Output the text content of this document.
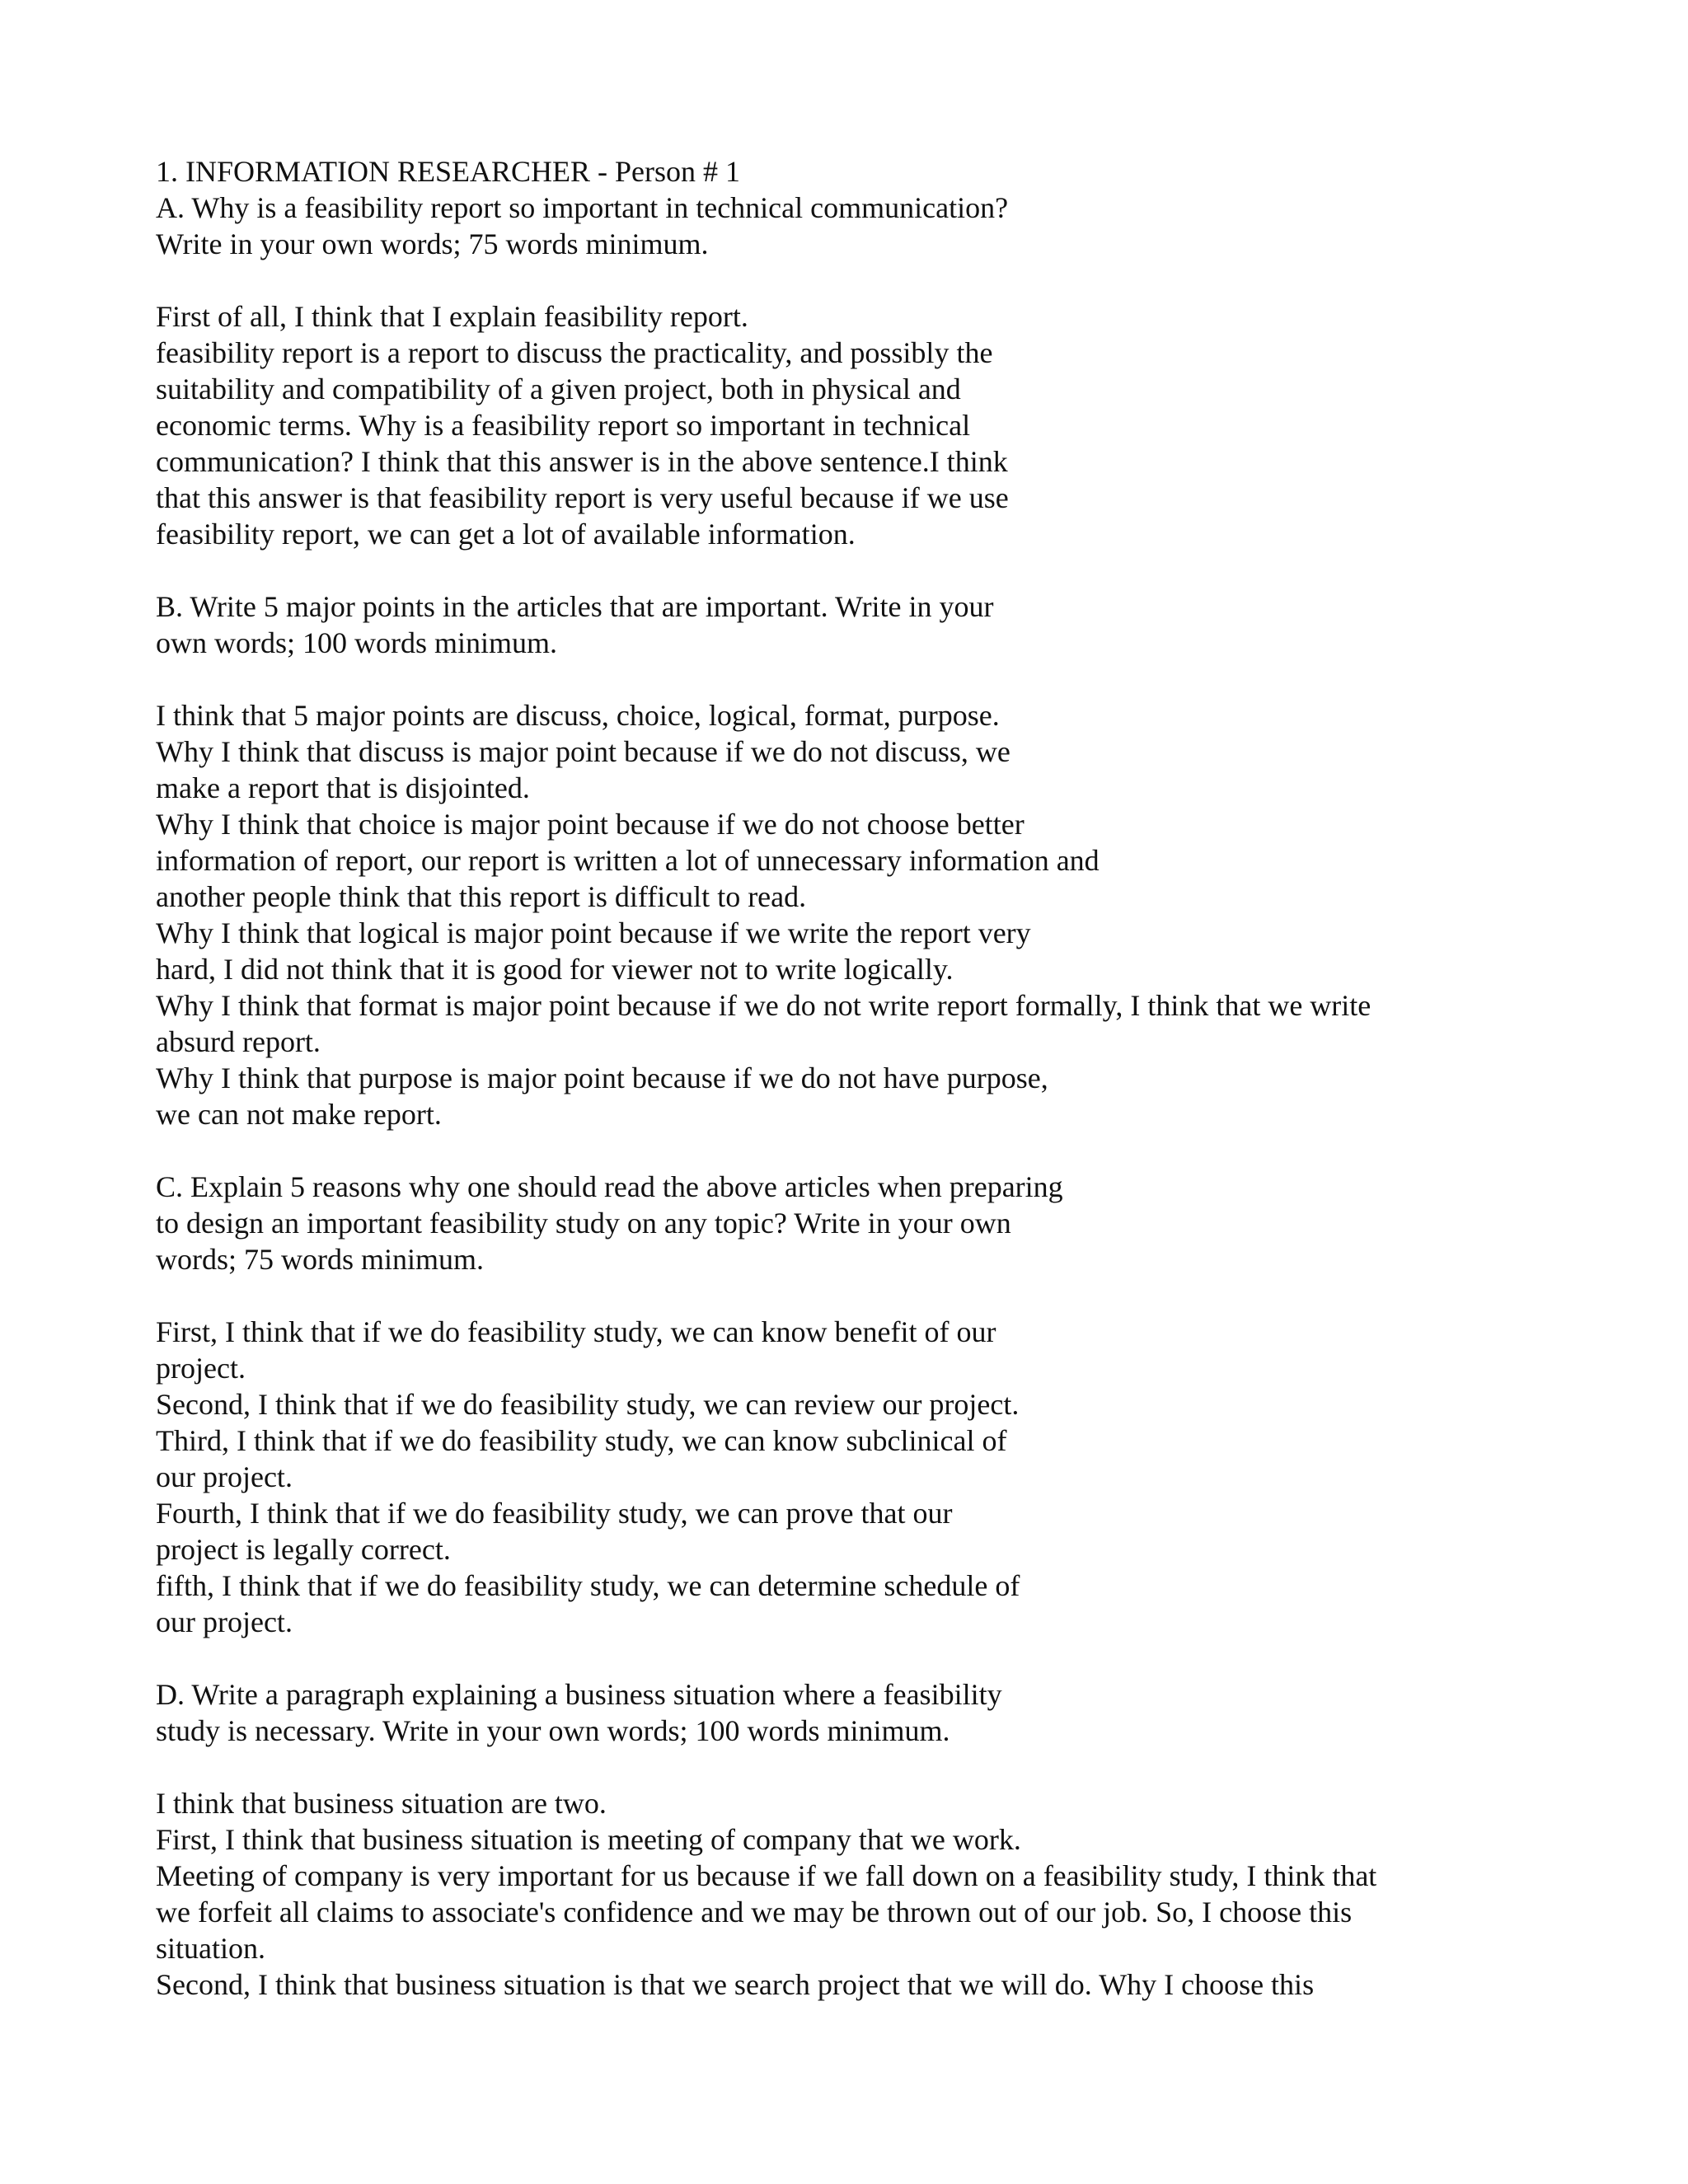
1. INFORMATION RESEARCHER - Person # 1
A. Why is a feasibility report so important in technical communication?
Write in your own words; 75 words minimum.
First of all, I think that I explain feasibility report.
feasibility report is a report to discuss the practicality, and possibly the
suitability and compatibility of a given project, both in physical and
economic terms. Why is a feasibility report so important in technical
communication? I think that this answer is in the above sentence.I think
that this answer is that feasibility report is very useful because if we use
feasibility report, we can get a lot of available information.
B. Write 5 major points in the articles that are important. Write in your
own words; 100 words minimum.
I think that 5 major points are discuss, choice, logical, format, purpose.
Why I think that discuss is major point because if we do not discuss, we
make a report that is disjointed.
Why I think that choice is major point because if we do not choose better
information of report, our report is written a lot of unnecessary information and
another people think that this report is difficult to read.
Why I think that logical is major point because if we write the report very
hard, I did not think that it is good for viewer not to write logically.
Why I think that format is major point because if we do not write report formally, I think that we write
absurd report.
Why I think that purpose is major point because if we do not have purpose,
we can not make report.
C. Explain 5 reasons why one should read the above articles when preparing
to design an important feasibility study on any topic? Write in your own
words; 75 words minimum.
First, I think that if we do feasibility study, we can know benefit of our
project.
Second, I think that if we do feasibility study, we can review our project.
Third, I think that if we do feasibility study, we can know subclinical of
our project.
Fourth, I think that if we do feasibility study, we can prove that our
project is legally correct.
fifth, I think that if we do feasibility study, we can determine schedule of
our project.
D. Write a paragraph explaining a business situation where a feasibility
study is necessary. Write in your own words; 100 words minimum.
I think that business situation are two.
First, I think that business situation is meeting of company that we work.
Meeting of company is very important for us because if we fall down on a feasibility study, I think that
we forfeit all claims to associate's confidence and we may be thrown out of our job. So, I choose this
situation.
Second, I think that business situation is that we search project that we will do. Why I choose this
